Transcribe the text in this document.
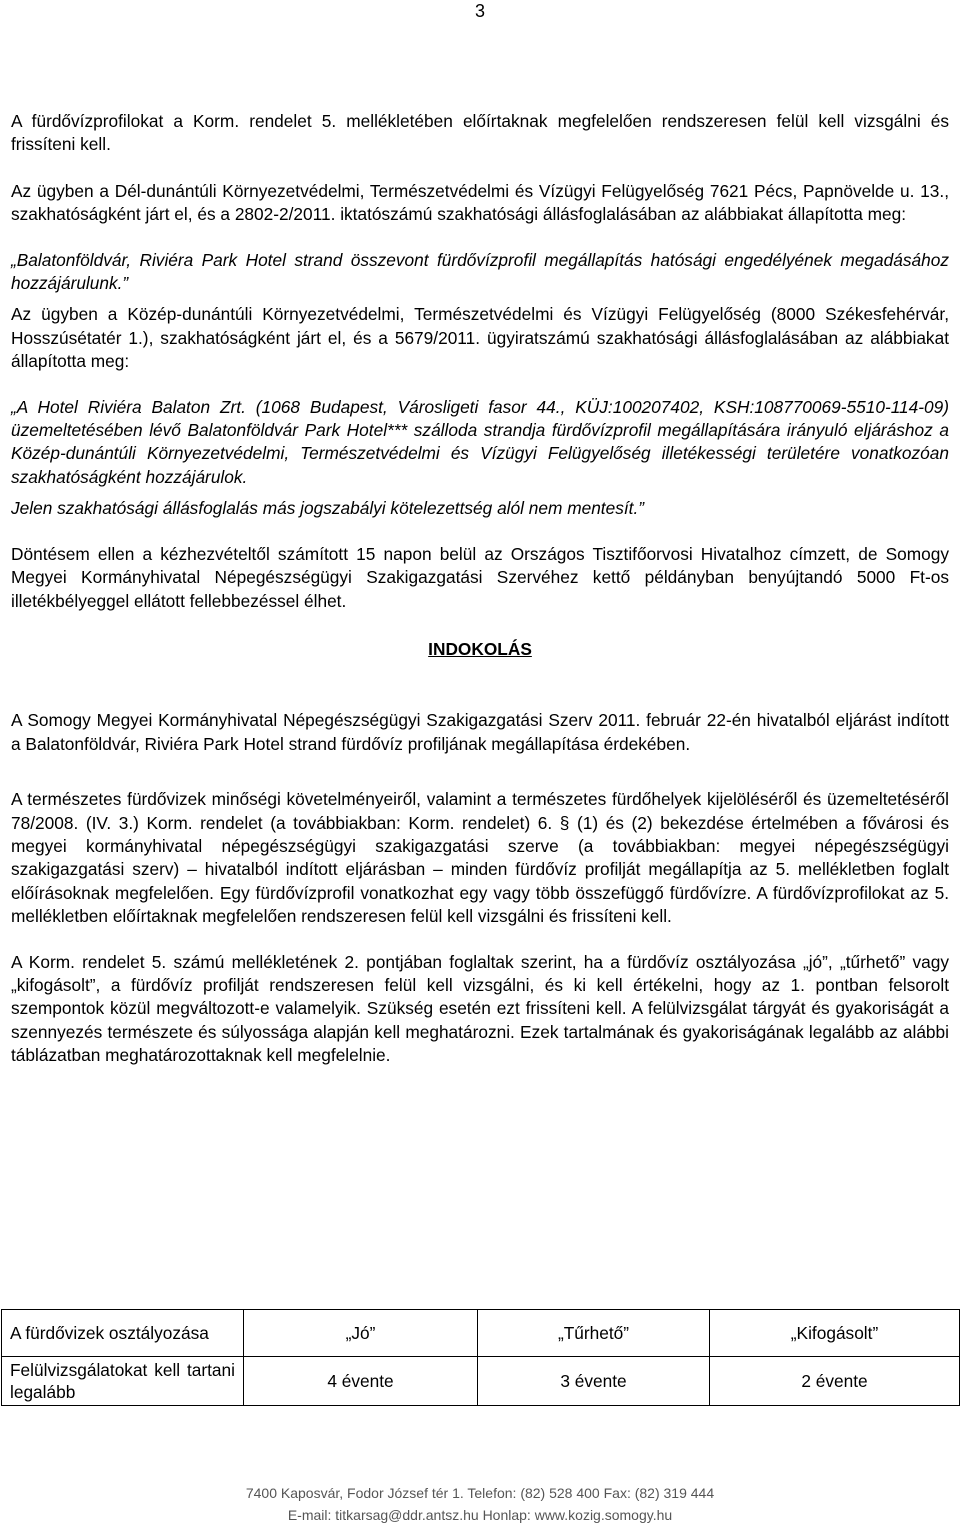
3

A fürdővízprofilokat a Korm. rendelet 5. mellékletében előírtaknak megfelelően rendszeresen felül kell vizsgálni és frissíteni kell.

Az ügyben a Dél-dunántúli Környezetvédelmi, Természetvédelmi és Vízügyi Felügyelőség 7621 Pécs, Papnövelde u. 13., szakhatóságként járt el, és a 2802-2/2011. iktatószámú szakhatósági állásfoglalásában az alábbiakat állapította meg:

„Balatonföldvár, Riviéra Park Hotel strand összevont fürdővízprofil megállapítás hatósági engedélyének megadásához hozzájárulunk.”

Az ügyben a Közép-dunántúli Környezetvédelmi, Természetvédelmi és Vízügyi Felügyelőség (8000 Székesfehérvár, Hosszúsétatér 1.), szakhatóságként járt el, és a 5679/2011. ügyiratszámú szakhatósági állásfoglalásában az alábbiakat állapította meg:

„A Hotel Riviéra Balaton Zrt. (1068 Budapest, Városligeti fasor 44., KÜJ:100207402, KSH:108770069-5510-114-09) üzemeltetésében lévő Balatonföldvár Park Hotel*** szálloda strandja fürdővízprofil megállapítására irányuló eljáráshoz a Közép-dunántúli Környezetvédelmi, Természetvédelmi és Vízügyi Felügyelőség illetékességi területére vonatkozóan szakhatóságként hozzájárulok.

Jelen szakhatósági állásfoglalás más jogszabályi kötelezettség alól nem mentesít.”

Döntésem ellen a kézhezvételtől számított 15 napon belül az Országos Tisztifőorvosi Hivatalhoz címzett, de Somogy Megyei Kormányhivatal Népegészségügyi Szakigazgatási Szervéhez kettő példányban benyújtandó 5000 Ft-os illetékbélyeggel ellátott fellebbezéssel élhet.

INDOKOLÁS

A Somogy Megyei Kormányhivatal Népegészségügyi Szakigazgatási Szerv 2011. február 22-én hivatalból eljárást indított a Balatonföldvár, Riviéra Park Hotel strand fürdővíz profiljának megállapítása érdekében.

A természetes fürdővizek minőségi követelményeiről, valamint a természetes fürdőhelyek kijelöléséről és üzemeltetéséről 78/2008. (IV. 3.) Korm. rendelet (a továbbiakban: Korm. rendelet) 6. § (1) és (2) bekezdése értelmében a fővárosi és megyei kormányhivatal népegészségügyi szakigazgatási szerve (a továbbiakban: megyei népegészségügyi szakigazgatási szerv) – hivatalból indított eljárásban – minden fürdővíz profilját megállapítja az 5. mellékletben foglalt előírásoknak megfelelően. Egy fürdővízprofil vonatkozhat egy vagy több összefüggő fürdővízre. A fürdővízprofilokat az 5. mellékletben előírtaknak megfelelően rendszeresen felül kell vizsgálni és frissíteni kell.

A Korm. rendelet 5. számú mellékletének 2. pontjában foglaltak szerint, ha a fürdővíz osztályozása „jó”, „tűrhető” vagy „kifogásolt”, a fürdővíz profilját rendszeresen felül kell vizsgálni, és ki kell értékelni, hogy az 1. pontban felsorolt szempontok közül megváltozott-e valamelyik. Szükség esetén ezt frissíteni kell. A felülvizsgálat tárgyát és gyakoriságát a szennyezés természete és súlyossága alapján kell meghatározni. Ezek tartalmának és gyakoriságának legalább az alábbi táblázatban meghatározottaknak kell megfelelnie.

A fürdővizek osztályozása	„Jó”	„Tűrhető”	„Kifogásolt”
Felülvizsgálatokat kell tartani legalább	4 évente	3 évente	2 évente
7400 Kaposvár, Fodor József tér 1. Telefon: (82) 528 400 Fax: (82) 319 444
E-mail: titkarsag@ddr.antsz.hu Honlap: www.kozig.somogy.hu
